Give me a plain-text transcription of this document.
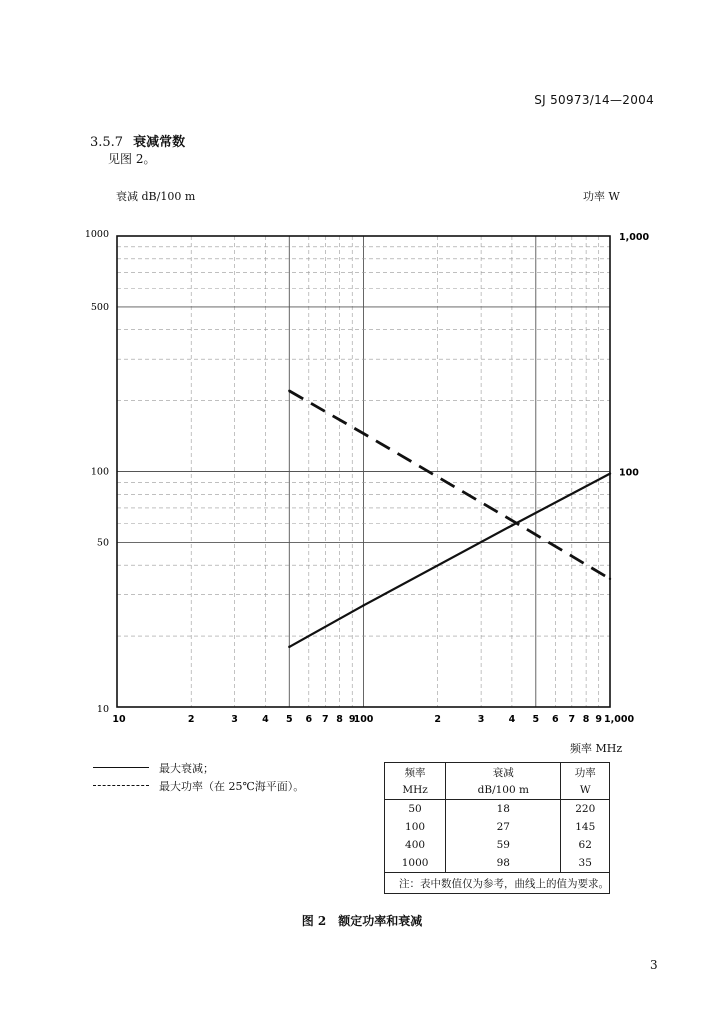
SJ 50973/14—2004
3.5.7 衰减常数
见图 2。
衰减 dB/100 m	功率 W
10	2	3	4 5 6 7 8 9
100	2	3	4 5 6 7 8 9 1,000
1000
500
100
50
10
1,000
100
频率 MHz
最大衰减；
最大功率（在 25℃海平面）。
频率	衰减	功率
MHz	dB/100 m	W
50	18	220
100	27	145
400	59	62
1000	98	35
注：表中数值仅为参考，曲线上的值为要求。		
图 2 额定功率和衰减
3
